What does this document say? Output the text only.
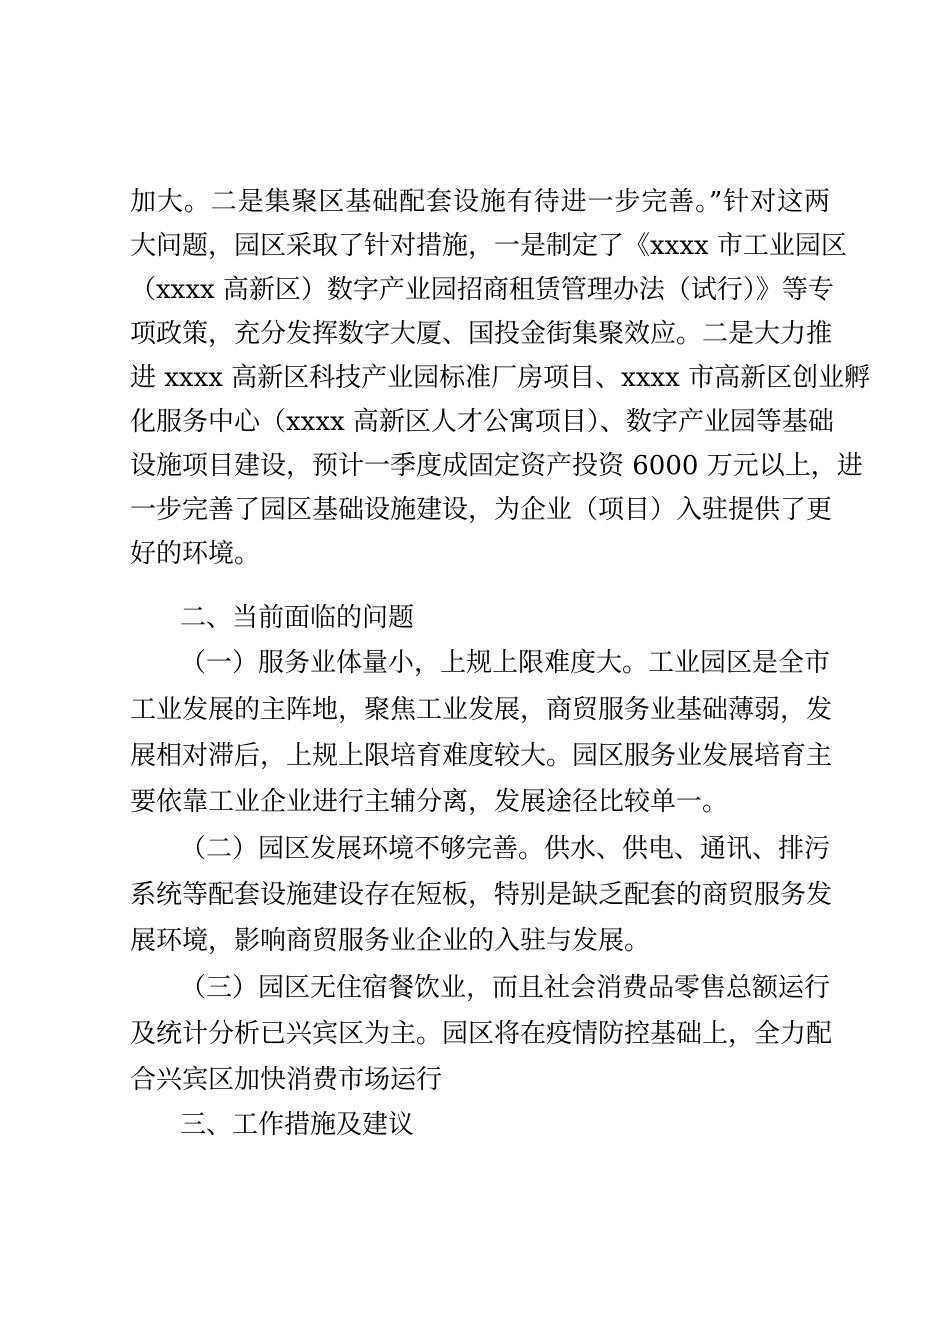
加大。二是集聚区基础配套设施有待进一步完善。”针对这两
大问题，园区采取了针对措施，一是制定了《xxxx 市工业园区
（xxxx 高新区）数字产业园招商租赁管理办法（试行）》等专
项政策，充分发挥数字大厦、国投金街集聚效应。二是大力推
进 xxxx 高新区科技产业园标准厂房项目、xxxx 市高新区创业孵
化服务中心（xxxx 高新区人才公寓项目）、数字产业园等基础
设施项目建设，预计一季度成固定资产投资 6000 万元以上，进
一步完善了园区基础设施建设，为企业（项目）入驻提供了更
好的环境。
二、当前面临的问题
（一）服务业体量小，上规上限难度大。工业园区是全市
工业发展的主阵地，聚焦工业发展，商贸服务业基础薄弱，发
展相对滞后，上规上限培育难度较大。园区服务业发展培育主
要依靠工业企业进行主辅分离，发展途径比较单一。
（二）园区发展环境不够完善。供水、供电、通讯、排污
系统等配套设施建设存在短板，特别是缺乏配套的商贸服务发
展环境，影响商贸服务业企业的入驻与发展。
（三）园区无住宿餐饮业，而且社会消费品零售总额运行
及统计分析已兴宾区为主。园区将在疫情防控基础上，全力配
合兴宾区加快消费市场运行
三、工作措施及建议
